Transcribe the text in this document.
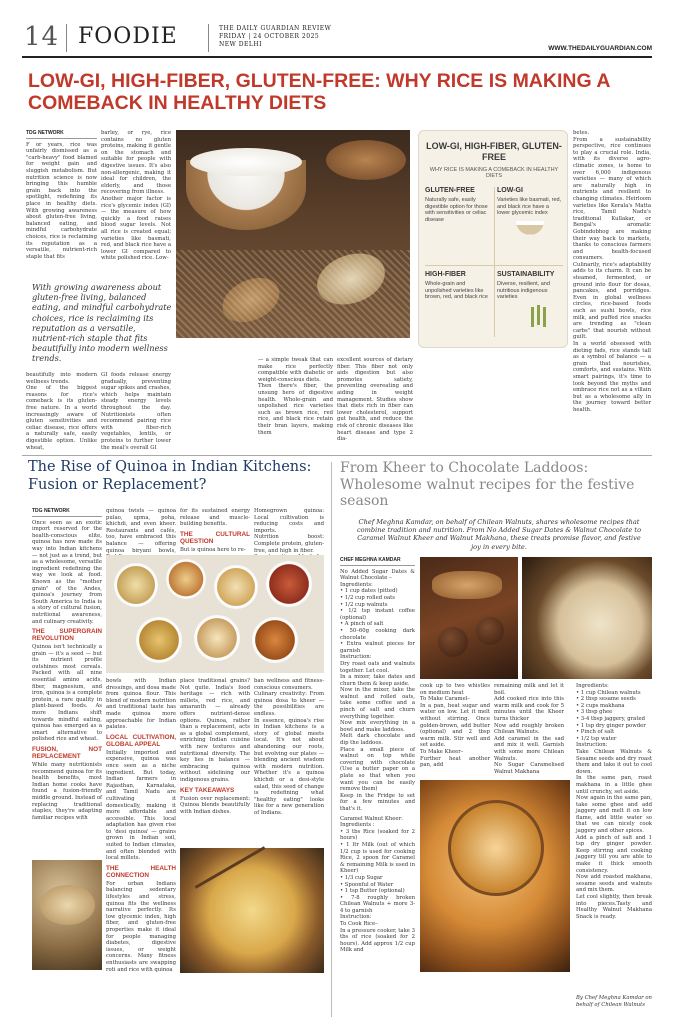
14 FOODIE	THE DAILY GUARDIAN REVIEW
FRIDAY | 24 OCTOBER 2025
NEW DELHI
WWW.THEDAILYGUARDIAN.COM
LOW-GI, HIGH-FIBER, GLUTEN-FREE: WHY RICE IS MAKING A COMEBACK IN HEALTHY DIETS
TDG NETWORK

F or years, rice was unfairly dismissed as a "carb-heavy" food blamed for weight gain and sluggish metabolism. But nutrition science is now bringing this humble grain back into the spotlight, redefining its place in healthy diets. With growing awareness about gluten-free living, balanced eating, and mindful carbohydrate choices, rice is reclaiming its reputation as a versatile, nutrient-rich staple that fits

barley, or rye, rice contains no gluten proteins, making it gentle on the stomach and suitable for people with digestive issues. It's also non-allergenic, making it ideal for children, the elderly, and those recovering from illness.
Another major factor is rice's glycemic index (GI) — the measure of how quickly a food raises blood sugar levels. Not all rice is created equal; varieties like basmati, red, and black rice have a lower GI compared to white polished rice. Low-

With growing awareness about gluten-free living, balanced eating, and mindful carbohydrate choices, rice is reclaiming its reputation as a versatile, nutrient-rich staple that fits beautifully into modern wellness trends.

beautifully into modern wellness trends.
One of the biggest reasons for rice's comeback is its gluten-free nature. In a world increasingly aware of gluten sensitivities and celiac disease, rice offers a naturally safe, easily digestible option. Unlike wheat,

GI foods release energy gradually, preventing sugar spikes and crashes, which helps maintain steady energy levels throughout the day. Nutritionists often recommend pairing rice with fiber-rich vegetables, lentils, or proteins to further lower the meal's overall GI

— a simple tweak that can make rice perfectly compatible with diabetic or weight-conscious diets.
Then there's fiber, the unsung hero of digestive health. Whole-grain and unpolished rice varieties such as brown rice, red rice, and black rice retain their bran layers, making them

excellent sources of dietary fiber. This fiber not only aids digestion but also promotes satiety, preventing overeating and aiding in weight management. Studies show that diets rich in fiber can lower cholesterol, support gut health, and reduce the risk of chronic diseases like heart disease and type 2 dia-

LOW-GI, HIGH-FIBER, GLUTEN-FREE
WHY RICE IS MAKING A COMEBACK IN HEALTHY DIETS
GLUTEN-FREE
Naturally safe, easily digestible option for those with sensitivities or celiac disease
LOW-GI
Varieties like basmati, red, and black rice have a lower glycemic index
HIGH-FIBER
Whole-grain and unpolished varieties like brown, red, and black rice
SUSTAINABILITY
Diverse, resilient, and nutritious indigenous varieties

betes.
From a sustainability perspective, rice continues to play a crucial role. India, with its diverse agro-climatic zones, is home to over 6,000 indigenous varieties — many of which are naturally high in nutrients and resilient to changing climates. Heirloom varieties like Kerala's Matta rice, Tamil Nadu's traditional Kullakar, or Bengal's aromatic Gobindobhog are making their way back to markets, thanks to conscious farmers and health-focused consumers.
Culinarily, rice's adaptability adds to its charm. It can be steamed, fermented, or ground into flour for dosas, pancakes, and porridges. Even in global wellness circles, rice-based foods such as sushi bowls, rice milk, and puffed rice snacks are trending as "clean carbs" that nourish without guilt.
In a world obsessed with dieting fads, rice stands tall as a symbol of balance — a grain that nourishes, comforts, and sustains. With smart pairings, it's time to look beyond the myths and embrace rice not as a villain but as a wholesome ally in the journey toward better health.

The Rise of Quinoa in Indian Kitchens: Fusion or Replacement?
TDG NETWORK

Once seen as an exotic import reserved for the health-conscious elite, quinoa has now made its way into Indian kitchens — not just as a trend, but as a wholesome, versatile ingredient redefining the way we look at food. Known as the "mother grain" of the Andes, quinoa's journey from South America to India is a story of cultural fusion, nutritional awareness, and culinary creativity.

THE SUPERGRAIN REVOLUTION

Quinoa isn't technically a grain — it's a seed — but its nutrient profile outshines most cereals. Packed with all nine essential amino acids, fiber, magnesium, and iron, quinoa is a complete protein, a rare quality in plant-based foods. As more Indians shift towards mindful eating, quinoa has emerged as a smart alternative to polished rice and wheat.

FUSION, NOT REPLACEMENT

While many nutritionists recommend quinoa for its health benefits, most Indian home cooks have found a fusion-friendly middle ground. Instead of replacing traditional staples, they're adapting familiar recipes with

quinoa twists — quinoa pulao, upma, poha, khichdi, and even kheer. Restaurants and cafés, too, have embraced this balance — offering quinoa biryani bowls,

for its sustained energy release and muscle-building benefits.

THE CULTURAL QUESTION

But is quinoa here to re-

Homegrown quinoa: Local cultivation is reducing costs and imports.
Nutrition boost: Complete protein, gluten-free, and high in fiber.

bowls with Indian dressings, and dosa made from quinoa flour. This blend of modern nutrition and traditional taste has made quinoa more approachable for Indian palates.

LOCAL CULTIVATION, GLOBAL APPEAL

Initially imported and expensive, quinoa was once seen as a niche ingredient. But today, Indian farmers in Rajasthan, Karnataka, and Tamil Nadu are cultivating it domestically, making it more affordable and accessible. This local adaptation has given rise to 'desi quinoa' — grains grown in Indian soil, suited to Indian climates, and often blended with local millets.

THE HEALTH CONNECTION

For urban Indians balancing sedentary lifestyles and stress, quinoa fits the wellness narrative perfectly. Its low glycemic index, high fiber, and gluten-free properties make it ideal for people managing diabetes, digestive issues, or weight concerns. Many fitness enthusiasts are swapping roti and rice with quinoa

place traditional grains? Not quite. India's food heritage — rich with millets, red rice, and amaranth — already offers nutrient-dense options. Quinoa, rather than a replacement, acts as a global complement, enriching Indian cuisine with new textures and nutritional diversity. The key lies in balance — embracing quinoa without sidelining our indigenous grains.

KEY TAKEAWAYS

Fusion over replacement: Quinoa blends beautifully with Indian dishes.

ban wellness and fitness-conscious consumers.
Culinary creativity: From quinoa dosa to kheer — the possibilities are endless.
In essence, quinoa's rise in Indian kitchens is a story of global meets local. It's not about abandoning our roots, but evolving our plates — blending ancient wisdom with modern nutrition. Whether it's a quinoa khichdi or a desi-style salad, this seed of change is redefining what "healthy eating" looks like for a new generation of Indians.

From Kheer to Chocolate Laddoos: Wholesome walnut recipes for the festive season
Chef Meghna Kamdar, on behalf of Chilean Walnuts, shares wholesome recipes that combine tradition and nutrition. From No Added Sugar Dates & Walnut Chocolate to Caramel Walnut Kheer and Walnut Makhana, these treats promise flavor, and festive joy in every bite.
CHEF MEGHNA KAMDAR

No Added Sugar Dates & Walnut Chocolate –
Ingredients:
• 1 cup dates (pitted)
• 1/2 cup rolled oats
• 1/2 cup walnuts
• 1/2 tsp instant coffee (optional)
• A pinch of salt
• 50–60g cooking dark chocolate
• Extra walnut pieces for garnish
Instruction:
Dry roast oats and walnuts together. Let cool.
In a mixer, take dates and churn them & keep aside.
Now in the mixer, take the walnut and rolled oats, take some coffee and a pinch of salt and churn everything together.
Now mix everything in a bowl and make laddoos.
Melt dark chocolate and dip the laddoos.
Place a small piece of walnut on top while covering with chocolate (Use a butter paper on a plate so that when you want you can be easily remove them)
Keep in the Fridge to set for a few minutes and that's it.

Caramel Walnut Kheer:
Ingredients :
• 3 tbs Rice (soaked for 2 hours)
• 1 ltr Milk (out of which 1/2 cup is used for cooking Rice, 2 spoon for Caramel & remaining Milk is used in Kheer)
• 1/3 cup Sugar
• Spoonful of Water
• 1 tsp Butter (optional)
• 7-8 roughly broken Chilean Walnuts + more 3-4 to garnish
Instruction:
To Cook Rice–
In a pressure cooker, take 3 tbs of rice (soaked for 2 hours). Add approx 1/2 cup Milk and

cook up to two whistles on medium heat
To Make Caramel–
In a pan, heat sugar and water on low. Let it melt without stirring. Once golden-brown, add butter (optional) and 2 tbsp warm milk. Stir well and set aside.
To Make Kheer–
Further heat another pan, add

remaining milk and let it boil.
Add cooked rice into this warm milk and cook for 5 minutes until the Kheer turns thicker
Now add roughly broken Chilean Walnuts.
Add caramel in the sad and mix it well. Garnish with some more Chilean Walnuts.
No Sugar Caramelised Walnut Makhana

Ingredients:
• 1 cup Chilean walnuts
• 2 tbsp sesame seeds
• 2 cups makhana
• 3 tbsp ghee
• 3-4 tbsp jaggery, grated
• 1 tsp dry ginger powder
• Pinch of salt
• 1/2 tsp water
Instruction:
Take Chilean Walnuts & Sesame seeds and dry roast them and take it out to cool down.
In the same pan, roast makhana in a little ghee until crunchy, set aside.
Now again in the same pan, take some ghee and add jaggery and melt it on low flame, add little water so that we can nicely cook jaggery and other spices.
Add a pinch of salt and 1 tsp dry ginger powder. Keep stirring and cooking jaggery till you are able to make it thick smooth consistency.
Now add roasted makhana, sesame seeds and walnuts and mix them.
Let cool slightly, then break into pieces.Tasty and Healthy Walnut Makhana Snack is ready.

By Chef Meghna Kamdar on behalf of Chilean Walnuts
